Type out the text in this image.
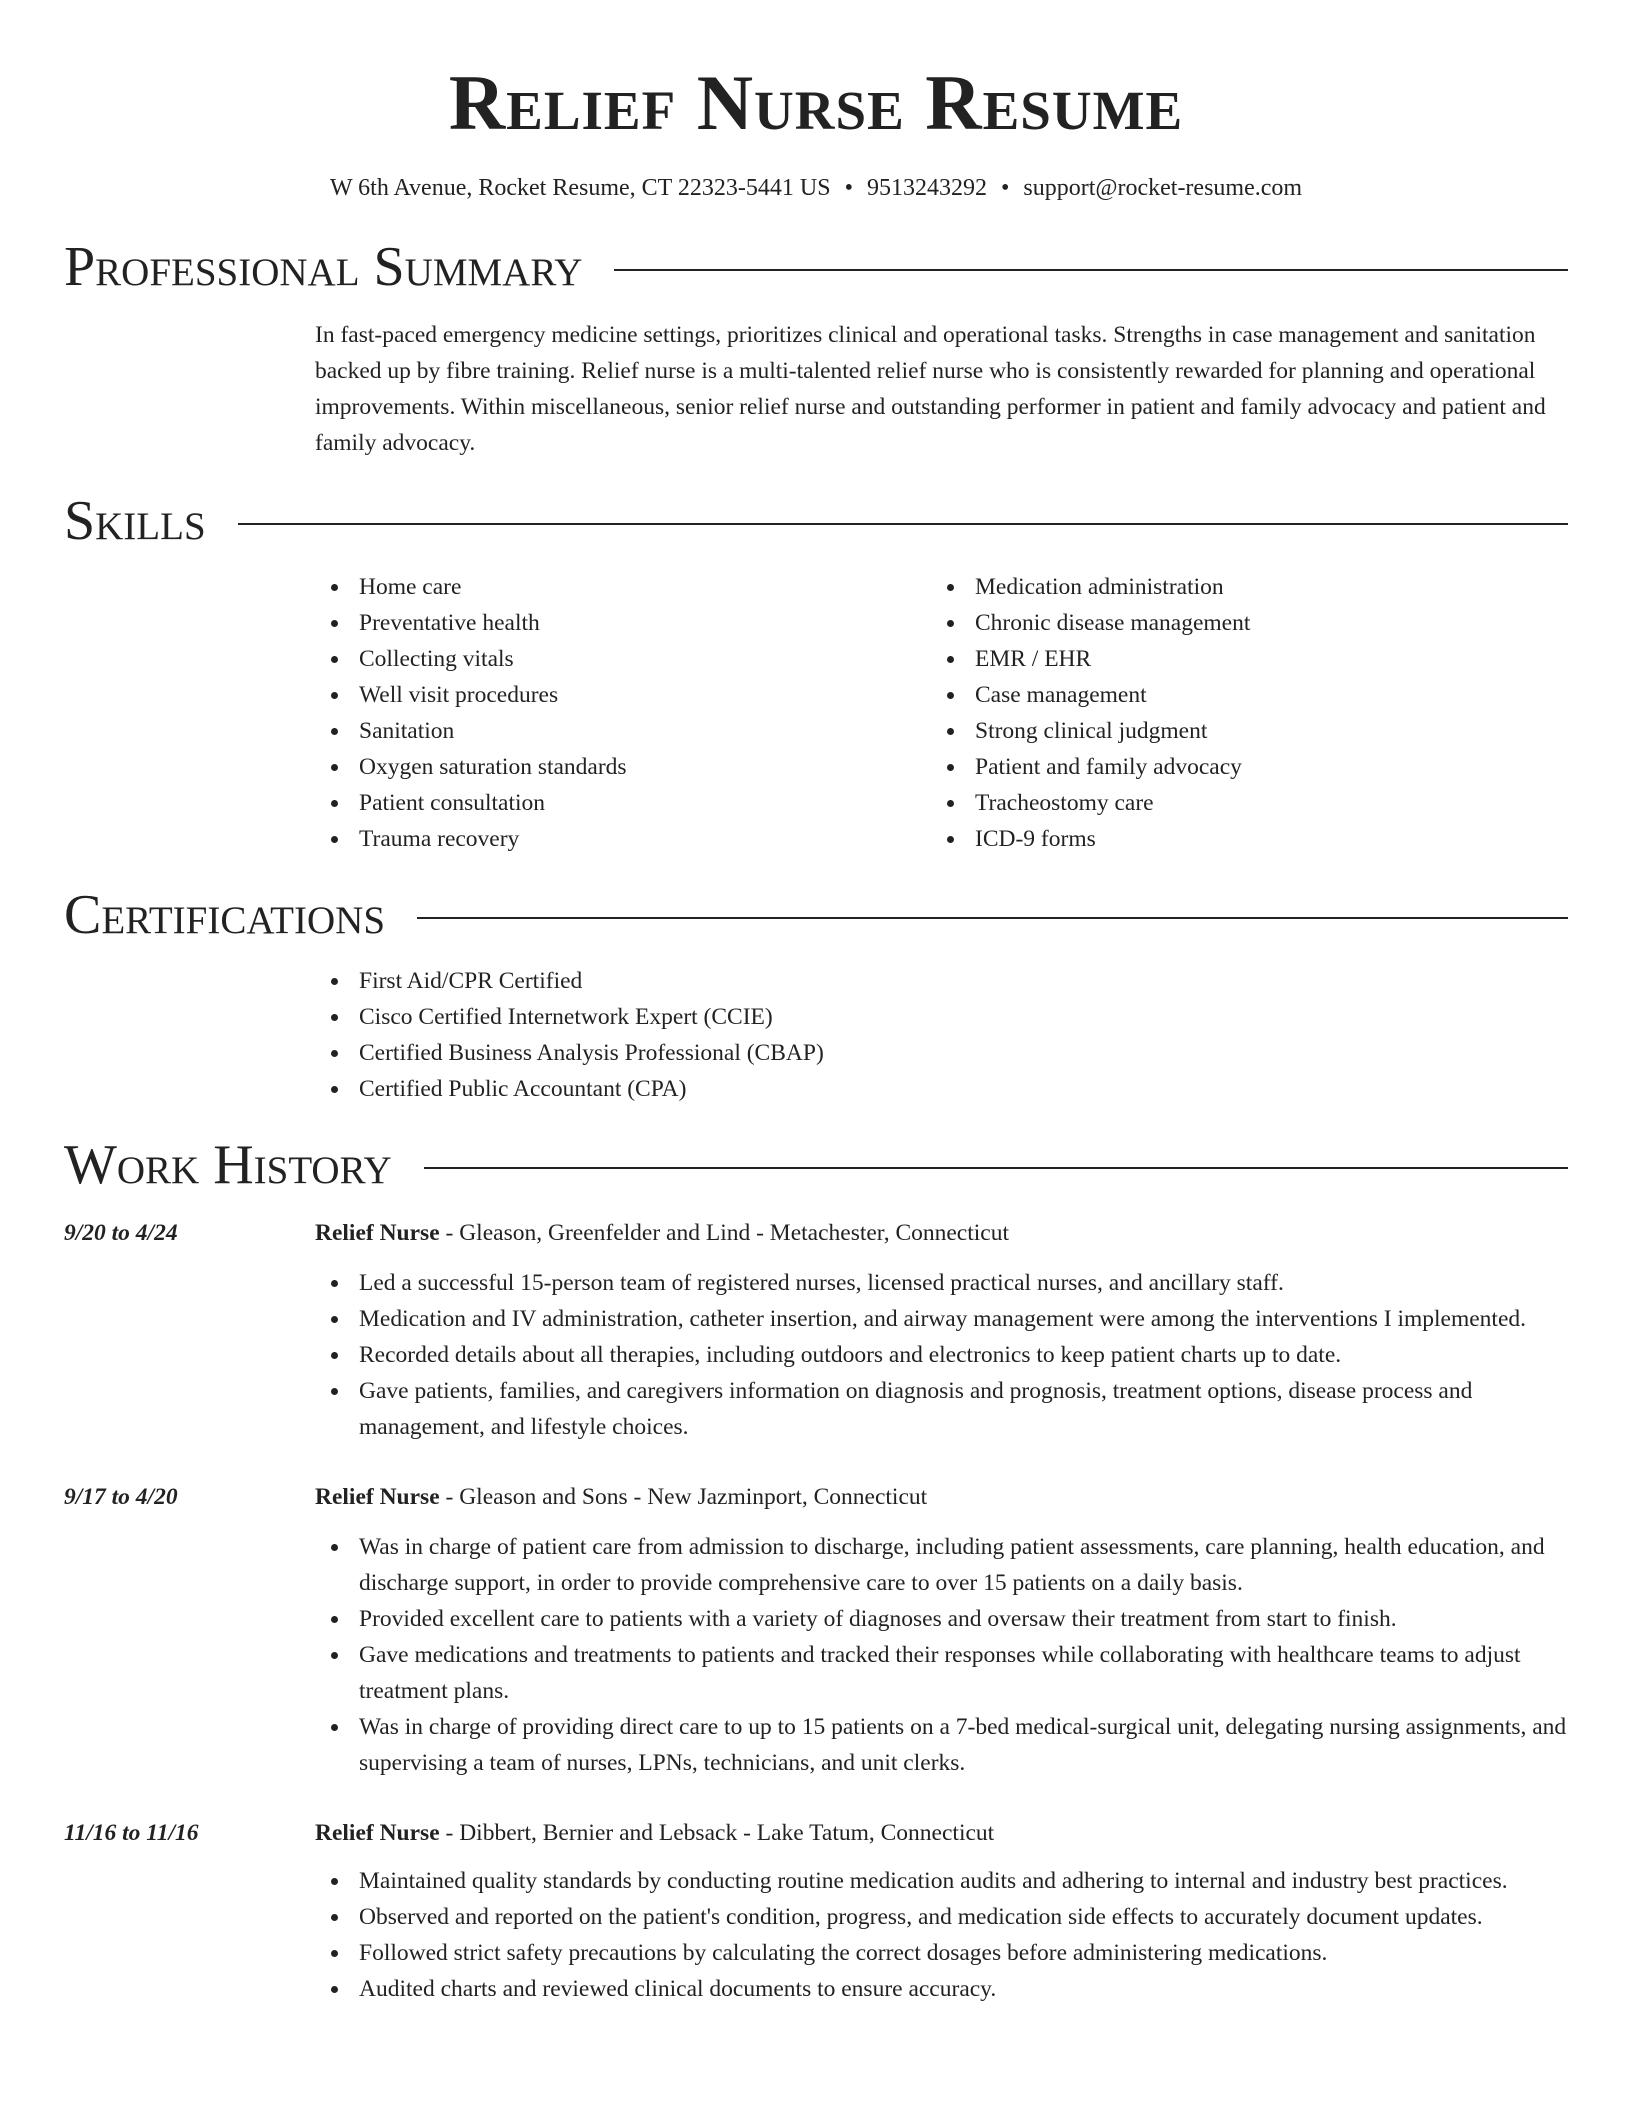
Relief Nurse Resume
W 6th Avenue, Rocket Resume, CT 22323-5441 US • 9513243292 • support@rocket-resume.com
Professional Summary
In fast-paced emergency medicine settings, prioritizes clinical and operational tasks. Strengths in case management and sanitation backed up by fibre training. Relief nurse is a multi-talented relief nurse who is consistently rewarded for planning and operational improvements. Within miscellaneous, senior relief nurse and outstanding performer in patient and family advocacy and patient and family advocacy.
Skills
Home care
Preventative health
Collecting vitals
Well visit procedures
Sanitation
Oxygen saturation standards
Patient consultation
Trauma recovery
Medication administration
Chronic disease management
EMR / EHR
Case management
Strong clinical judgment
Patient and family advocacy
Tracheostomy care
ICD-9 forms
Certifications
First Aid/CPR Certified
Cisco Certified Internetwork Expert (CCIE)
Certified Business Analysis Professional (CBAP)
Certified Public Accountant (CPA)
Work History
9/20 to 4/24	Relief Nurse - Gleason, Greenfelder and Lind - Metachester, Connecticut
Led a successful 15-person team of registered nurses, licensed practical nurses, and ancillary staff.
Medication and IV administration, catheter insertion, and airway management were among the interventions I implemented.
Recorded details about all therapies, including outdoors and electronics to keep patient charts up to date.
Gave patients, families, and caregivers information on diagnosis and prognosis, treatment options, disease process and management, and lifestyle choices.
9/17 to 4/20	Relief Nurse - Gleason and Sons - New Jazminport, Connecticut
Was in charge of patient care from admission to discharge, including patient assessments, care planning, health education, and discharge support, in order to provide comprehensive care to over 15 patients on a daily basis.
Provided excellent care to patients with a variety of diagnoses and oversaw their treatment from start to finish.
Gave medications and treatments to patients and tracked their responses while collaborating with healthcare teams to adjust treatment plans.
Was in charge of providing direct care to up to 15 patients on a 7-bed medical-surgical unit, delegating nursing assignments, and supervising a team of nurses, LPNs, technicians, and unit clerks.
11/16 to 11/16	Relief Nurse - Dibbert, Bernier and Lebsack - Lake Tatum, Connecticut
Maintained quality standards by conducting routine medication audits and adhering to internal and industry best practices.
Observed and reported on the patient's condition, progress, and medication side effects to accurately document updates.
Followed strict safety precautions by calculating the correct dosages before administering medications.
Audited charts and reviewed clinical documents to ensure accuracy.
